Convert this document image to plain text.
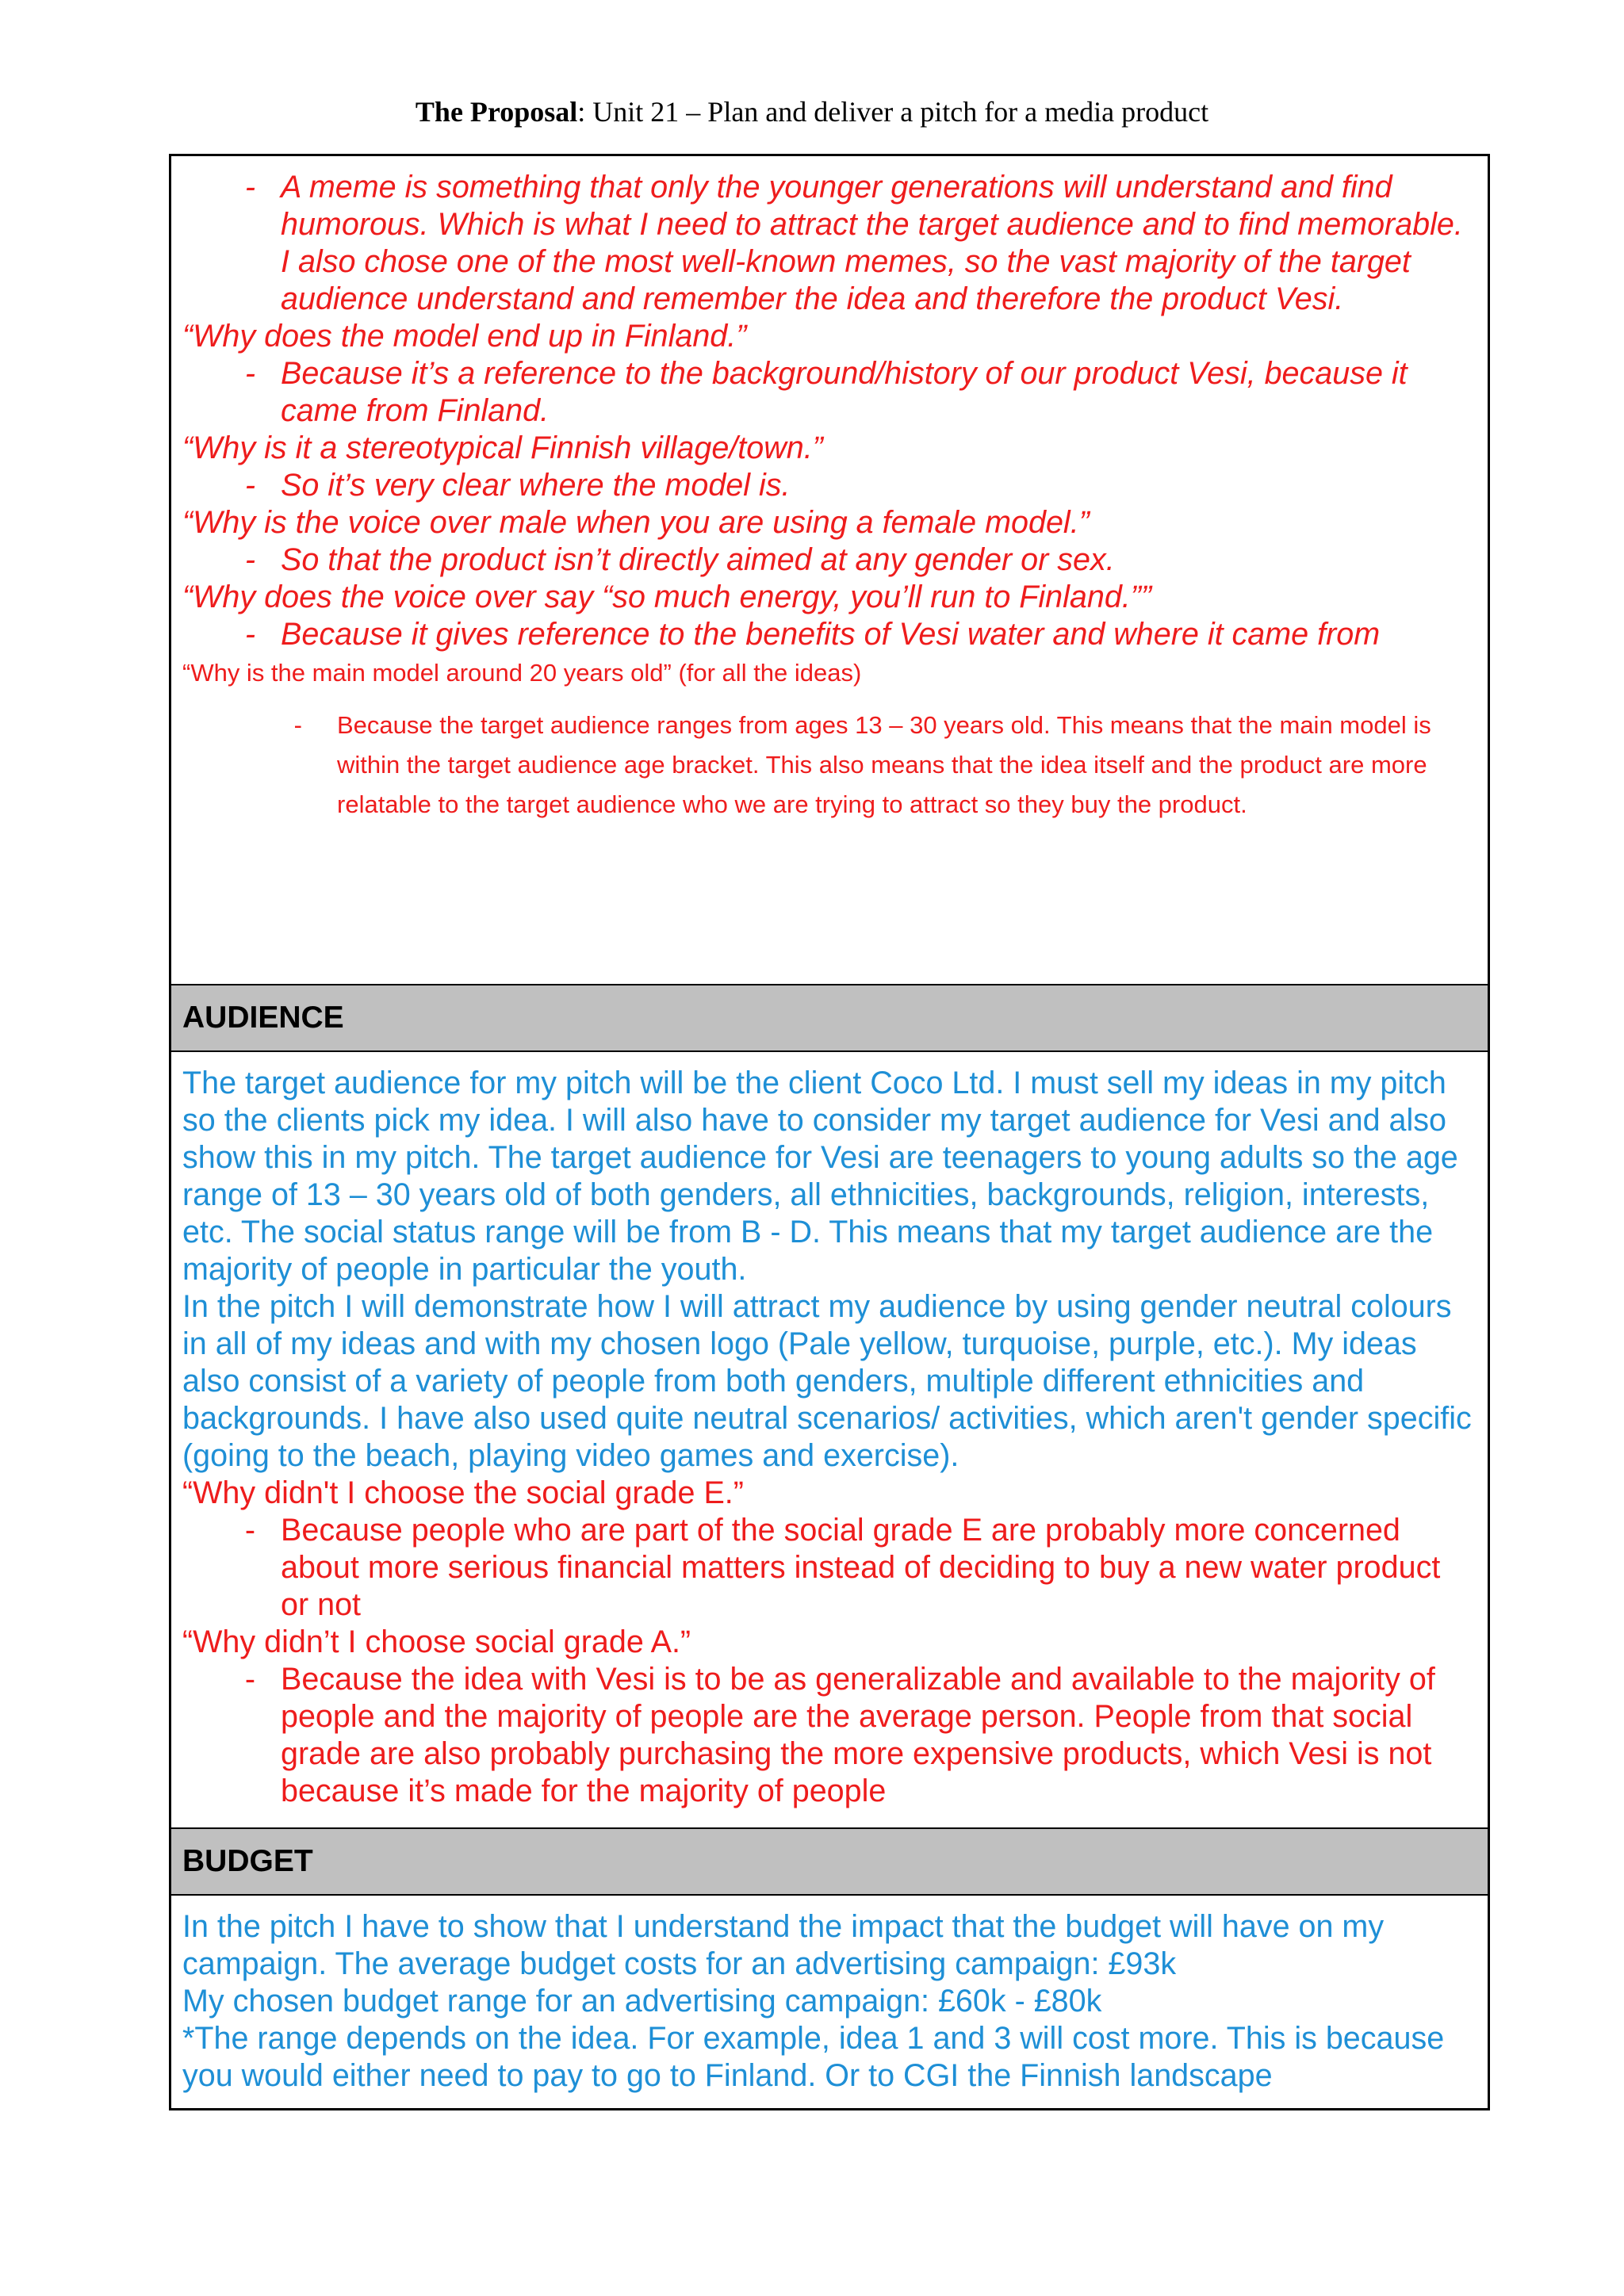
The Proposal: Unit 21 – Plan and deliver a pitch for a media product
- A meme is something that only the younger generations will understand and find humorous. Which is what I need to attract the target audience and to find memorable. I also chose one of the most well-known memes, so the vast majority of the target audience understand and remember the idea and therefore the product Vesi.

“Why does the model end up in Finland.”

- Because it’s a reference to the background/history of our product Vesi, because it came from Finland.

“Why is it a stereotypical Finnish village/town.”

- So it’s very clear where the model is.

“Why is the voice over male when you are using a female model.”

- So that the product isn’t directly aimed at any gender or sex.

“Why does the voice over say “so much energy, you’ll run to Finland.””

- Because it gives reference to the benefits of Vesi water and where it came from

“Why is the main model around 20 years old” (for all the ideas)

-	Because the target audience ranges from ages 13 – 30 years old. This means that the main model is within the target audience age bracket. This also means that the idea itself and the product are more relatable to the target audience who we are trying to attract so they buy the product.
AUDIENCE

The target audience for my pitch will be the client Coco Ltd. I must sell my ideas in my pitch so the clients pick my idea. I will also have to consider my target audience for Vesi and also show this in my pitch. The target audience for Vesi are teenagers to young adults so the age range of 13 – 30 years old of both genders, all ethnicities, backgrounds, religion, interests, etc. The social status range will be from B - D. This means that my target audience are the majority of people in particular the youth.

In the pitch I will demonstrate how I will attract my audience by using gender neutral colours in all of my ideas and with my chosen logo (Pale yellow, turquoise, purple, etc.). My ideas also consist of a variety of people from both genders, multiple different ethnicities and backgrounds. I have also used quite neutral scenarios/ activities, which aren't gender specific (going to the beach, playing video games and exercise).

“Why didn't I choose the social grade E.”

- Because people who are part of the social grade E are probably more concerned about more serious financial matters instead of deciding to buy a new water product or not

“Why didn’t I choose social grade A.”

- Because the idea with Vesi is to be as generalizable and available to the majority of people and the majority of people are the average person. People from that social grade are also probably purchasing the more expensive products, which Vesi is not because it’s made for the majority of people
BUDGET

In the pitch I have to show that I understand the impact that the budget will have on my campaign. The average budget costs for an advertising campaign: £93k

My chosen budget range for an advertising campaign: £60k - £80k

*The range depends on the idea. For example, idea 1 and 3 will cost more. This is because you would either need to pay to go to Finland. Or to CGI the Finnish landscape
